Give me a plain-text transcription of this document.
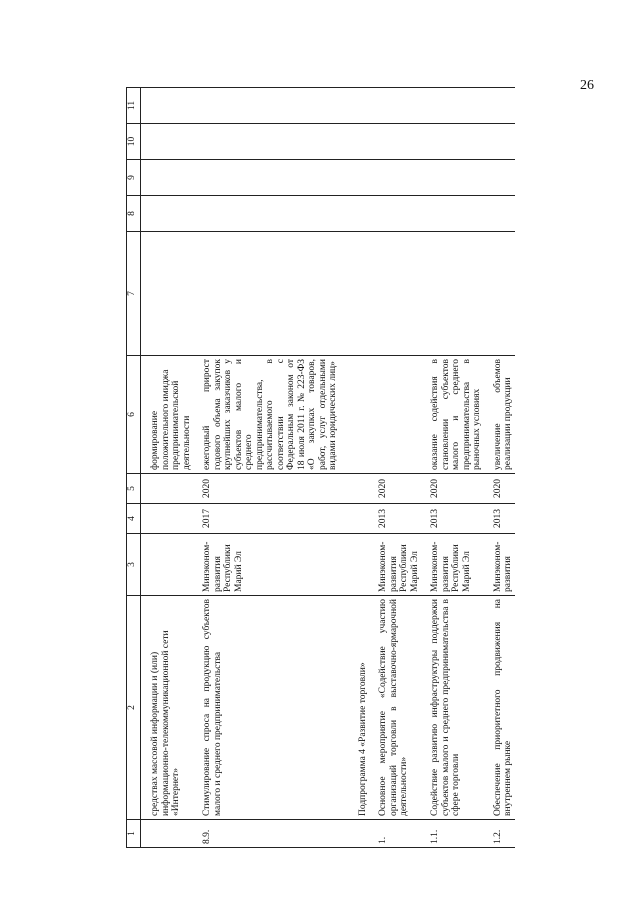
26
1	2	3	4	5	6	7	8	9	10	11

	средствах массовой информации и (или) информационно-телекоммуникационной сети «Интернет»				формирование положительного имиджа предпринимательской деятельности					

8.9.	Стимулирование спроса на продукцию субъектов малого и среднего предпринимательства	Минэконом-развития Республики Марий Эл	2017	2020	ежегодный прирост годового объема закупок крупнейших заказчиков у субъектов малого и среднего предпринимательства, рассчитываемого в соответствии с Федеральным законом от 18 июля 2011 г. № 223-ФЗ «О закупках товаров, работ, услуг отдельными видами юридических лиц»					

	Подпрограмма 4 «Развитие торговли»									

1.	Основное мероприятие «Содействие участию организаций торговли в выставочно-ярмарочной деятельности»	Минэконом-развития Республики Марий Эл	2013	2020						

1.1.	Содействие развитию инфраструктуры поддержки субъектов малого и среднего предпринимательства в сфере торговли	Минэконом-развития Республики Марий Эл	2013	2020	оказание содействия в становлении субъектов малого и среднего предпринимательства в рыночных условиях					

1.2.	Обеспечение приоритетного продвижения на внутреннем рынке	Минэконом-развития	2013	2020	увеличение объемов реализации продукции					
